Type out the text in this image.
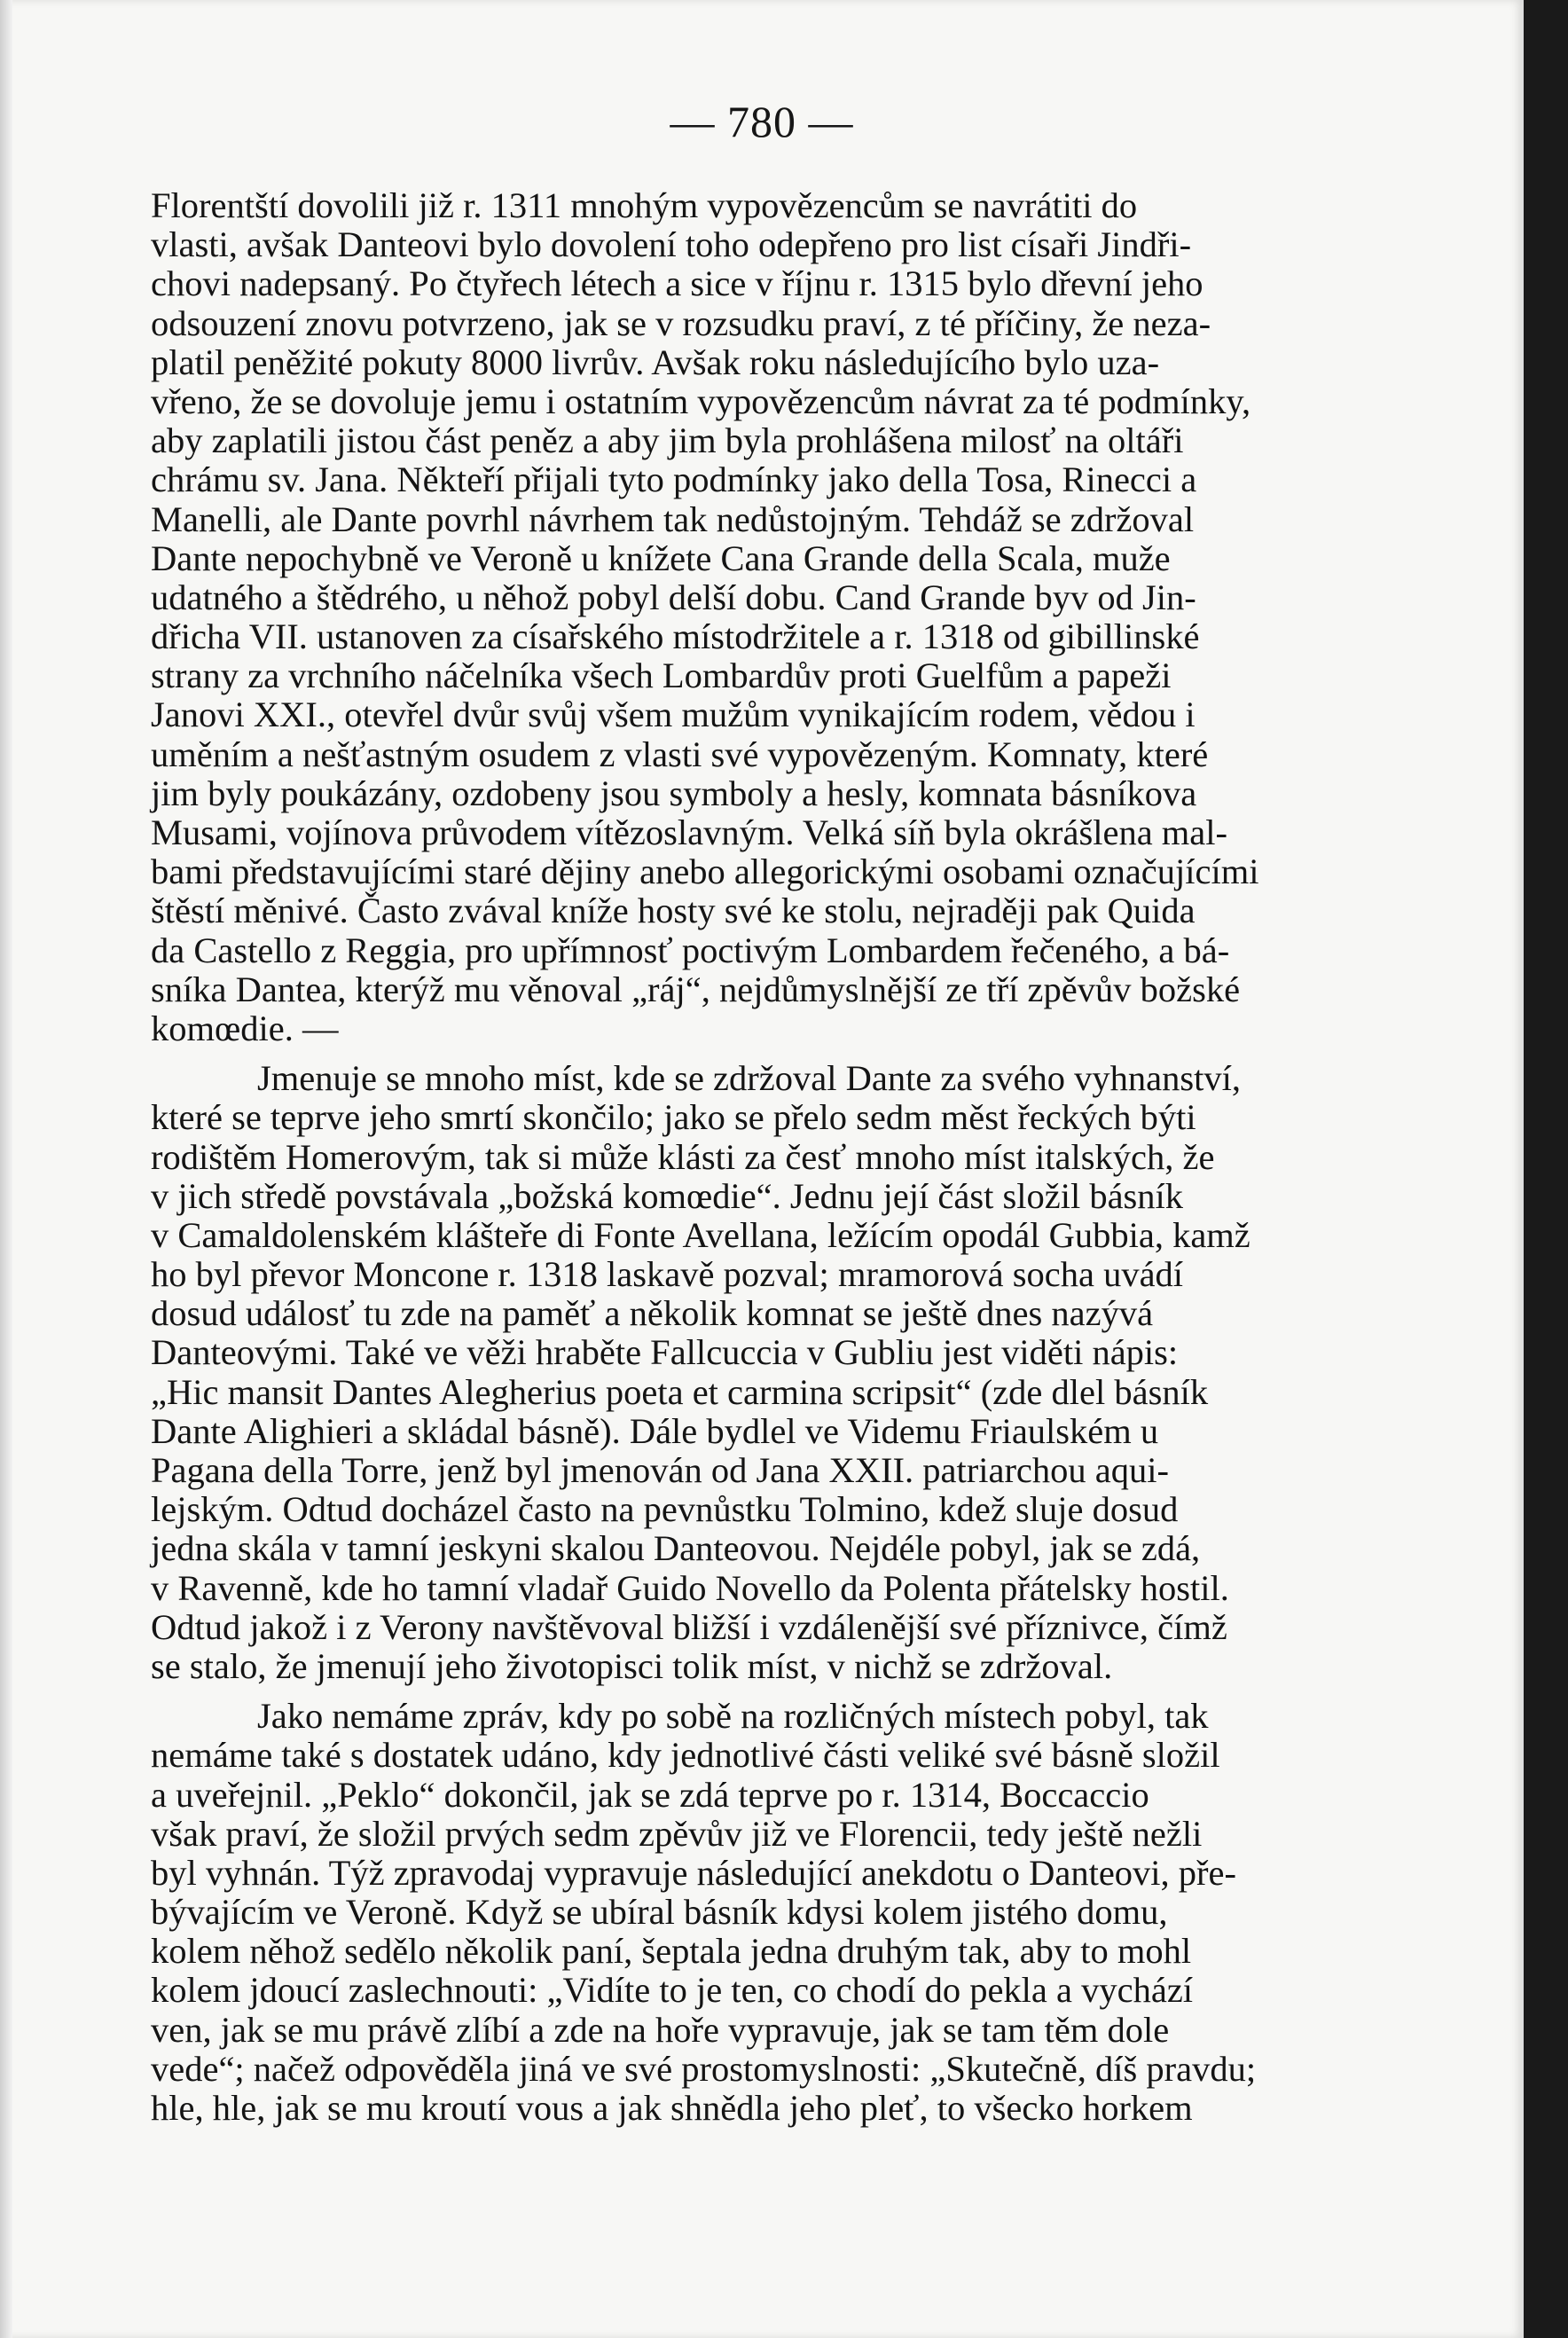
— 780 —
Florentští dovolili již r. 1311 mnohým vypovězencům se navrátiti do
vlasti, avšak Danteovi bylo dovolení toho odepřeno pro list císaři Jindři-
chovi nadepsaný. Po čtyřech létech a sice v říjnu r. 1315 bylo dřevní jeho
odsouzení znovu potvrzeno, jak se v rozsudku praví, z té příčiny, že neza-
platil peněžité pokuty 8000 livrův. Avšak roku následujícího bylo uza-
vřeno, že se dovoluje jemu i ostatním vypovězencům návrat za té podmínky,
aby zaplatili jistou část peněz a aby jim byla prohlášena milosť na oltáři
chrámu sv. Jana. Někteří přijali tyto podmínky jako della Tosa, Rinecci a
Manelli, ale Dante povrhl návrhem tak nedůstojným. Tehdáž se zdržoval
Dante nepochybně ve Veroně u knížete Cana Grande della Scala, muže
udatného a štědrého, u něhož pobyl delší dobu. Cand Grande byv od Jin-
dřicha VII. ustanoven za císařského místodržitele a r. 1318 od gibillinské
strany za vrchního náčelníka všech Lombardův proti Guelfům a papeži
Janovi XXI., otevřel dvůr svůj všem mužům vynikajícím rodem, vědou i
uměním a nešťastným osudem z vlasti své vypovězeným. Komnaty, které
jim byly poukázány, ozdobeny jsou symboly a hesly, komnata básníkova
Musami, vojínova průvodem vítězoslavným. Velká síň byla okrášlena mal-
bami představujícími staré dějiny anebo allegorickými osobami označujícími
štěstí měnivé. Často zvával kníže hosty své ke stolu, nejraději pak Quida
da Castello z Reggia, pro upřímnosť poctivým Lombardem řečeného, a bá-
sníka Dantea, kterýž mu věnoval „ráj“, nejdůmyslnější ze tří zpěvův božské
komœdie. —
Jmenuje se mnoho míst, kde se zdržoval Dante za svého vyhnanství,
které se teprve jeho smrtí skončilo; jako se přelo sedm měst řeckých býti
rodištěm Homerovým, tak si může klásti za česť mnoho míst italských, že
v jich středě povstávala „božská komœdie“. Jednu její část složil básník
v Camaldolenském klášteře di Fonte Avellana, ležícím opodál Gubbia, kamž
ho byl převor Moncone r. 1318 laskavě pozval; mramorová socha uvádí
dosud událosť tu zde na paměť a několik komnat se ještě dnes nazývá
Danteovými. Také ve věži hraběte Fallcuccia v Gubliu jest viděti nápis:
„Hic mansit Dantes Alegherius poeta et carmina scripsit“ (zde dlel básník
Dante Alighieri a skládal básně). Dále bydlel ve Videmu Friaulském u
Pagana della Torre, jenž byl jmenován od Jana XXII. patriarchou aqui-
lejským. Odtud docházel často na pevnůstku Tolmino, kdež sluje dosud
jedna skála v tamní jeskyni skalou Danteovou. Nejdéle pobyl, jak se zdá,
v Ravenně, kde ho tamní vladař Guido Novello da Polenta přátelsky hostil.
Odtud jakož i z Verony navštěvoval bližší i vzdálenější své příznivce, čímž
se stalo, že jmenují jeho životopisci tolik míst, v nichž se zdržoval.
Jako nemáme zpráv, kdy po sobě na rozličných místech pobyl, tak
nemáme také s dostatek udáno, kdy jednotlivé části veliké své básně složil
a uveřejnil. „Peklo“ dokončil, jak se zdá teprve po r. 1314, Boccaccio
však praví, že složil prvých sedm zpěvův již ve Florencii, tedy ještě nežli
byl vyhnán. Týž zpravodaj vypravuje následující anekdotu o Danteovi, pře-
bývajícím ve Veroně. Když se ubíral básník kdysi kolem jistého domu,
kolem něhož sedělo několik paní, šeptala jedna druhým tak, aby to mohl
kolem jdoucí zaslechnouti: „Vidíte to je ten, co chodí do pekla a vychází
ven, jak se mu právě zlíbí a zde na hoře vypravuje, jak se tam těm dole
vede“; načež odpověděla jiná ve své prostomyslnosti: „Skutečně, díš pravdu;
hle, hle, jak se mu kroutí vous a jak shnědla jeho pleť, to všecko horkem
